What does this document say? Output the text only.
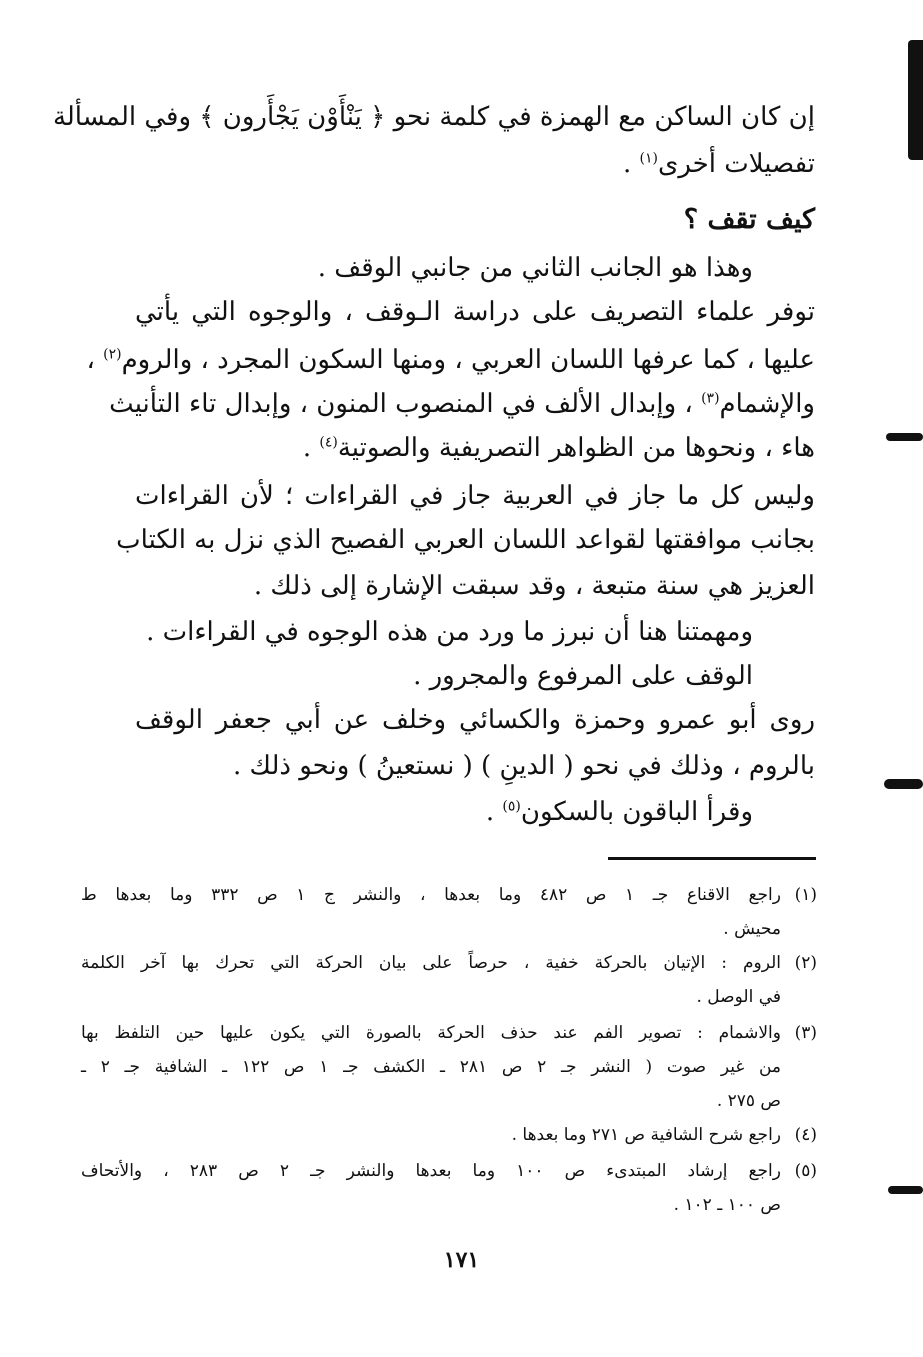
إن كان الساكن مع الهمزة في كلمة نحو ﴿ يَنْأَوْن يَجْأَرون ﴾ وفي المسألة
تفصيلات أخرى$^{(١)}$ .
كيف تقف ؟
وهذا هو الجانب الثاني من جانبي الوقف .
توفر علماء التصريف على دراسة الـوقف ، والوجوه التي يأتي
عليها ، كما عرفها اللسان العربي ، ومنها السكون المجرد ، والروم$^{(٢)}$ ،
والإشمام$^{(٣)}$ ، وإبدال الألف في المنصوب المنون ، وإبدال تاء التأنيث
هاء ، ونحوها من الظواهر التصريفية والصوتية$^{(٤)}$ .
وليس كل ما جاز في العربية جاز في القراءات ؛ لأن القراءات
بجانب موافقتها لقواعد اللسان العربي الفصيح الذي نزل به الكتاب
العزيز هي سنة متبعة ، وقد سبقت الإشارة إلى ذلك .
ومهمتنا هنا أن نبرز ما ورد من هذه الوجوه في القراءات .
الوقف على المرفوع والمجرور .
روى أبو عمرو وحمزة والكسائي وخلف عن أبي جعفر الوقف
بالروم ، وذلك في نحو ( الدينِ ) ( نستعينُ ) ونحو ذلك .
وقرأ الباقون بالسكون$^{(٥)}$ .
(١)
راجع الاقناع جـ ١ ص ٤٨٢ وما بعدها ، والنشر ج ١ ص ٣٣٢ وما بعدها ط
محيش .
(٢)
الروم : الإتيان بالحركة خفية ، حرصاً على بيان الحركة التي تحرك بها آخر الكلمة
في الوصل .
(٣)
والاشمام : تصوير الفم عند حذف الحركة بالصورة التي يكون عليها حين التلفظ بها
من غير صوت ( النشر جـ ٢ ص ٢٨١ ـ الكشف جـ ١ ص ١٢٢ ـ الشافية جـ ٢ ـ
ص ٢٧٥ .
(٤)
راجع شرح الشافية ص ٢٧١ وما بعدها .
(٥)
راجع إرشاد المبتدىء ص ١٠٠ وما بعدها والنشر جـ ٢ ص ٢٨٣ ، والأتحاف
ص ١٠٠ ـ ١٠٢ .
١٧١
